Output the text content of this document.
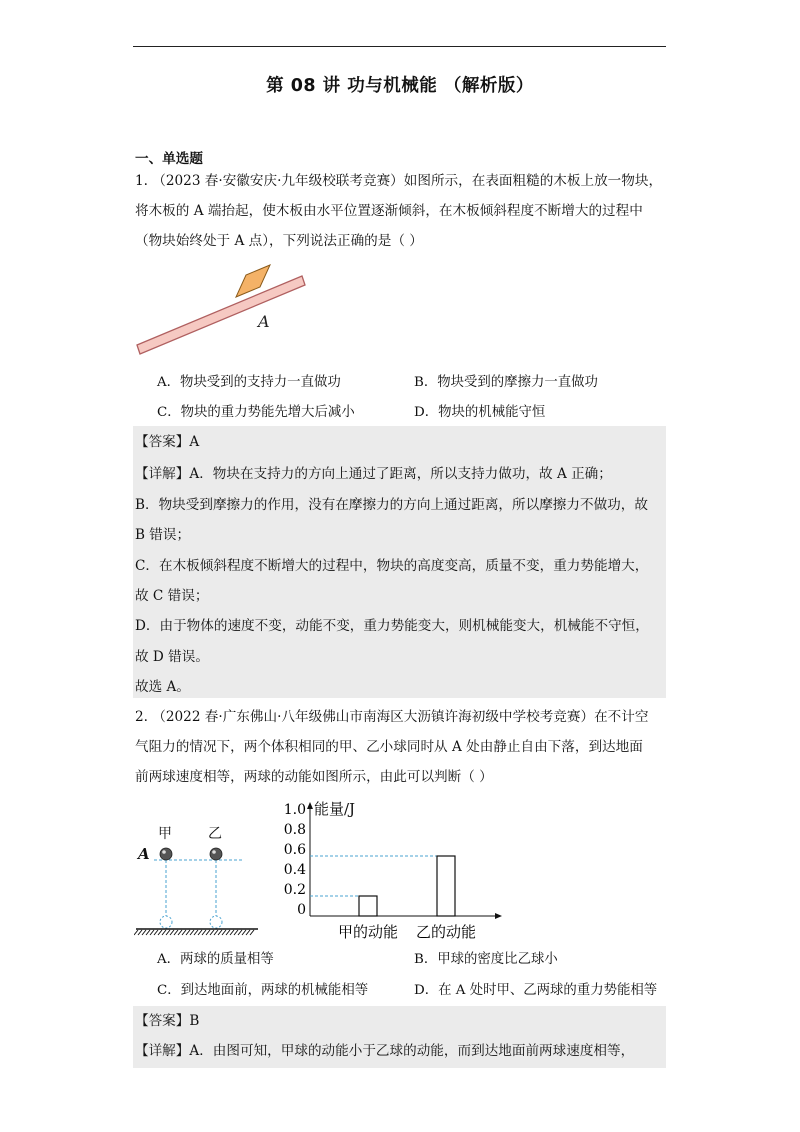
第 08 讲 功与机械能 （解析版）
一、单选题
1. （2023 春·安徽安庆·九年级校联考竞赛）如图所示，在表面粗糙的木板上放一物块，
将木板的 A 端抬起，使木板由水平位置逐渐倾斜，在木板倾斜程度不断增大的过程中
（物块始终处于 A 点），下列说法正确的是（ ）
A
A．物块受到的支持力一直做功	B．物块受到的摩擦力一直做功
C．物块的重力势能先增大后减小	D．物块的机械能守恒
【答案】A
【详解】A．物块在支持力的方向上通过了距离，所以支持力做功，故 A 正确；
B．物块受到摩擦力的作用，没有在摩擦力的方向上通过距离，所以摩擦力不做功，故
B 错误；
C．在木板倾斜程度不断增大的过程中，物块的高度变高，质量不变，重力势能增大，
故 C 错误；
D．由于物体的速度不变，动能不变，重力势能变大，则机械能变大，机械能不守恒，
故 D 错误。
故选 A。
2. （2022 春·广东佛山·八年级佛山市南海区大沥镇许海初级中学校考竞赛）在不计空
气阻力的情况下，两个体积相同的甲、乙小球同时从 A 处由静止自由下落，到达地面
前两球速度相等，两球的动能如图所示，由此可以判断（ ）
甲	乙
A
能量/J
1.0
0.8
0.6
0.4
0.2
0
甲的动能 乙的动能
A．两球的质量相等	B．甲球的密度比乙球小
C．到达地面前，两球的机械能相等	D．在 A 处时甲、乙两球的重力势能相等
【答案】B
【详解】A．由图可知，甲球的动能小于乙球的动能，而到达地面前两球速度相等，
